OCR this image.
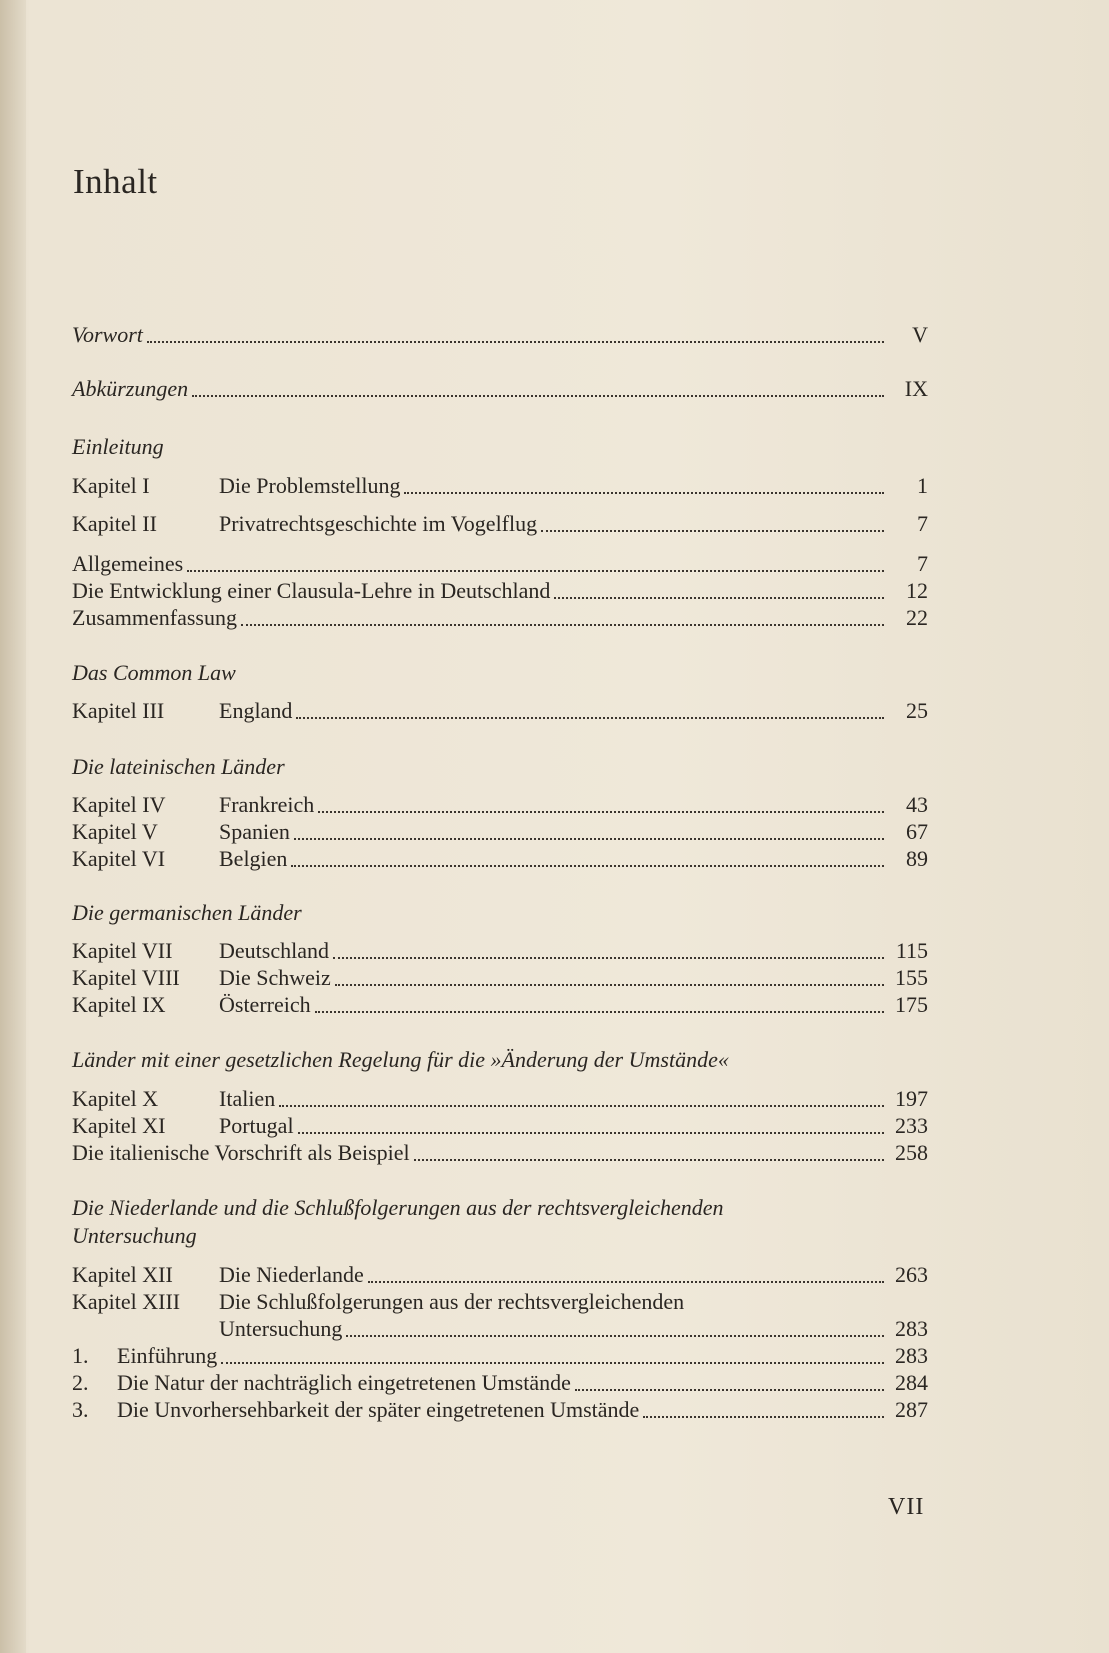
Inhalt
Vorwort	V
Abkürzungen	IX
Einleitung
Kapitel I	Die Problemstellung	1
Kapitel II	Privatrechtsgeschichte im Vogelflug	7
Allgemeines	7
Die Entwicklung einer Clausula-Lehre in Deutschland	12
Zusammenfassung	22
Das Common Law
Kapitel III	England	25
Die lateinischen Länder
Kapitel IV	Frankreich	43
Kapitel V	Spanien	67
Kapitel VI	Belgien	89
Die germanischen Länder
Kapitel VII	Deutschland	115
Kapitel VIII	Die Schweiz	155
Kapitel IX	Österreich	175
Länder mit einer gesetzlichen Regelung für die »Änderung der Umstände«
Kapitel X	Italien	197
Kapitel XI	Portugal	233
Die italienische Vorschrift als Beispiel	258
Die Niederlande und die Schlußfolgerungen aus der rechtsvergleichenden
Untersuchung
Kapitel XII	Die Niederlande	263
Kapitel XIII	Die Schlußfolgerungen aus der rechtsvergleichenden
Untersuchung	283
1.	Einführung	283
2.	Die Natur der nachträglich eingetretenen Umstände	284
3.	Die Unvorhersehbarkeit der später eingetretenen Umstände	287
VII
